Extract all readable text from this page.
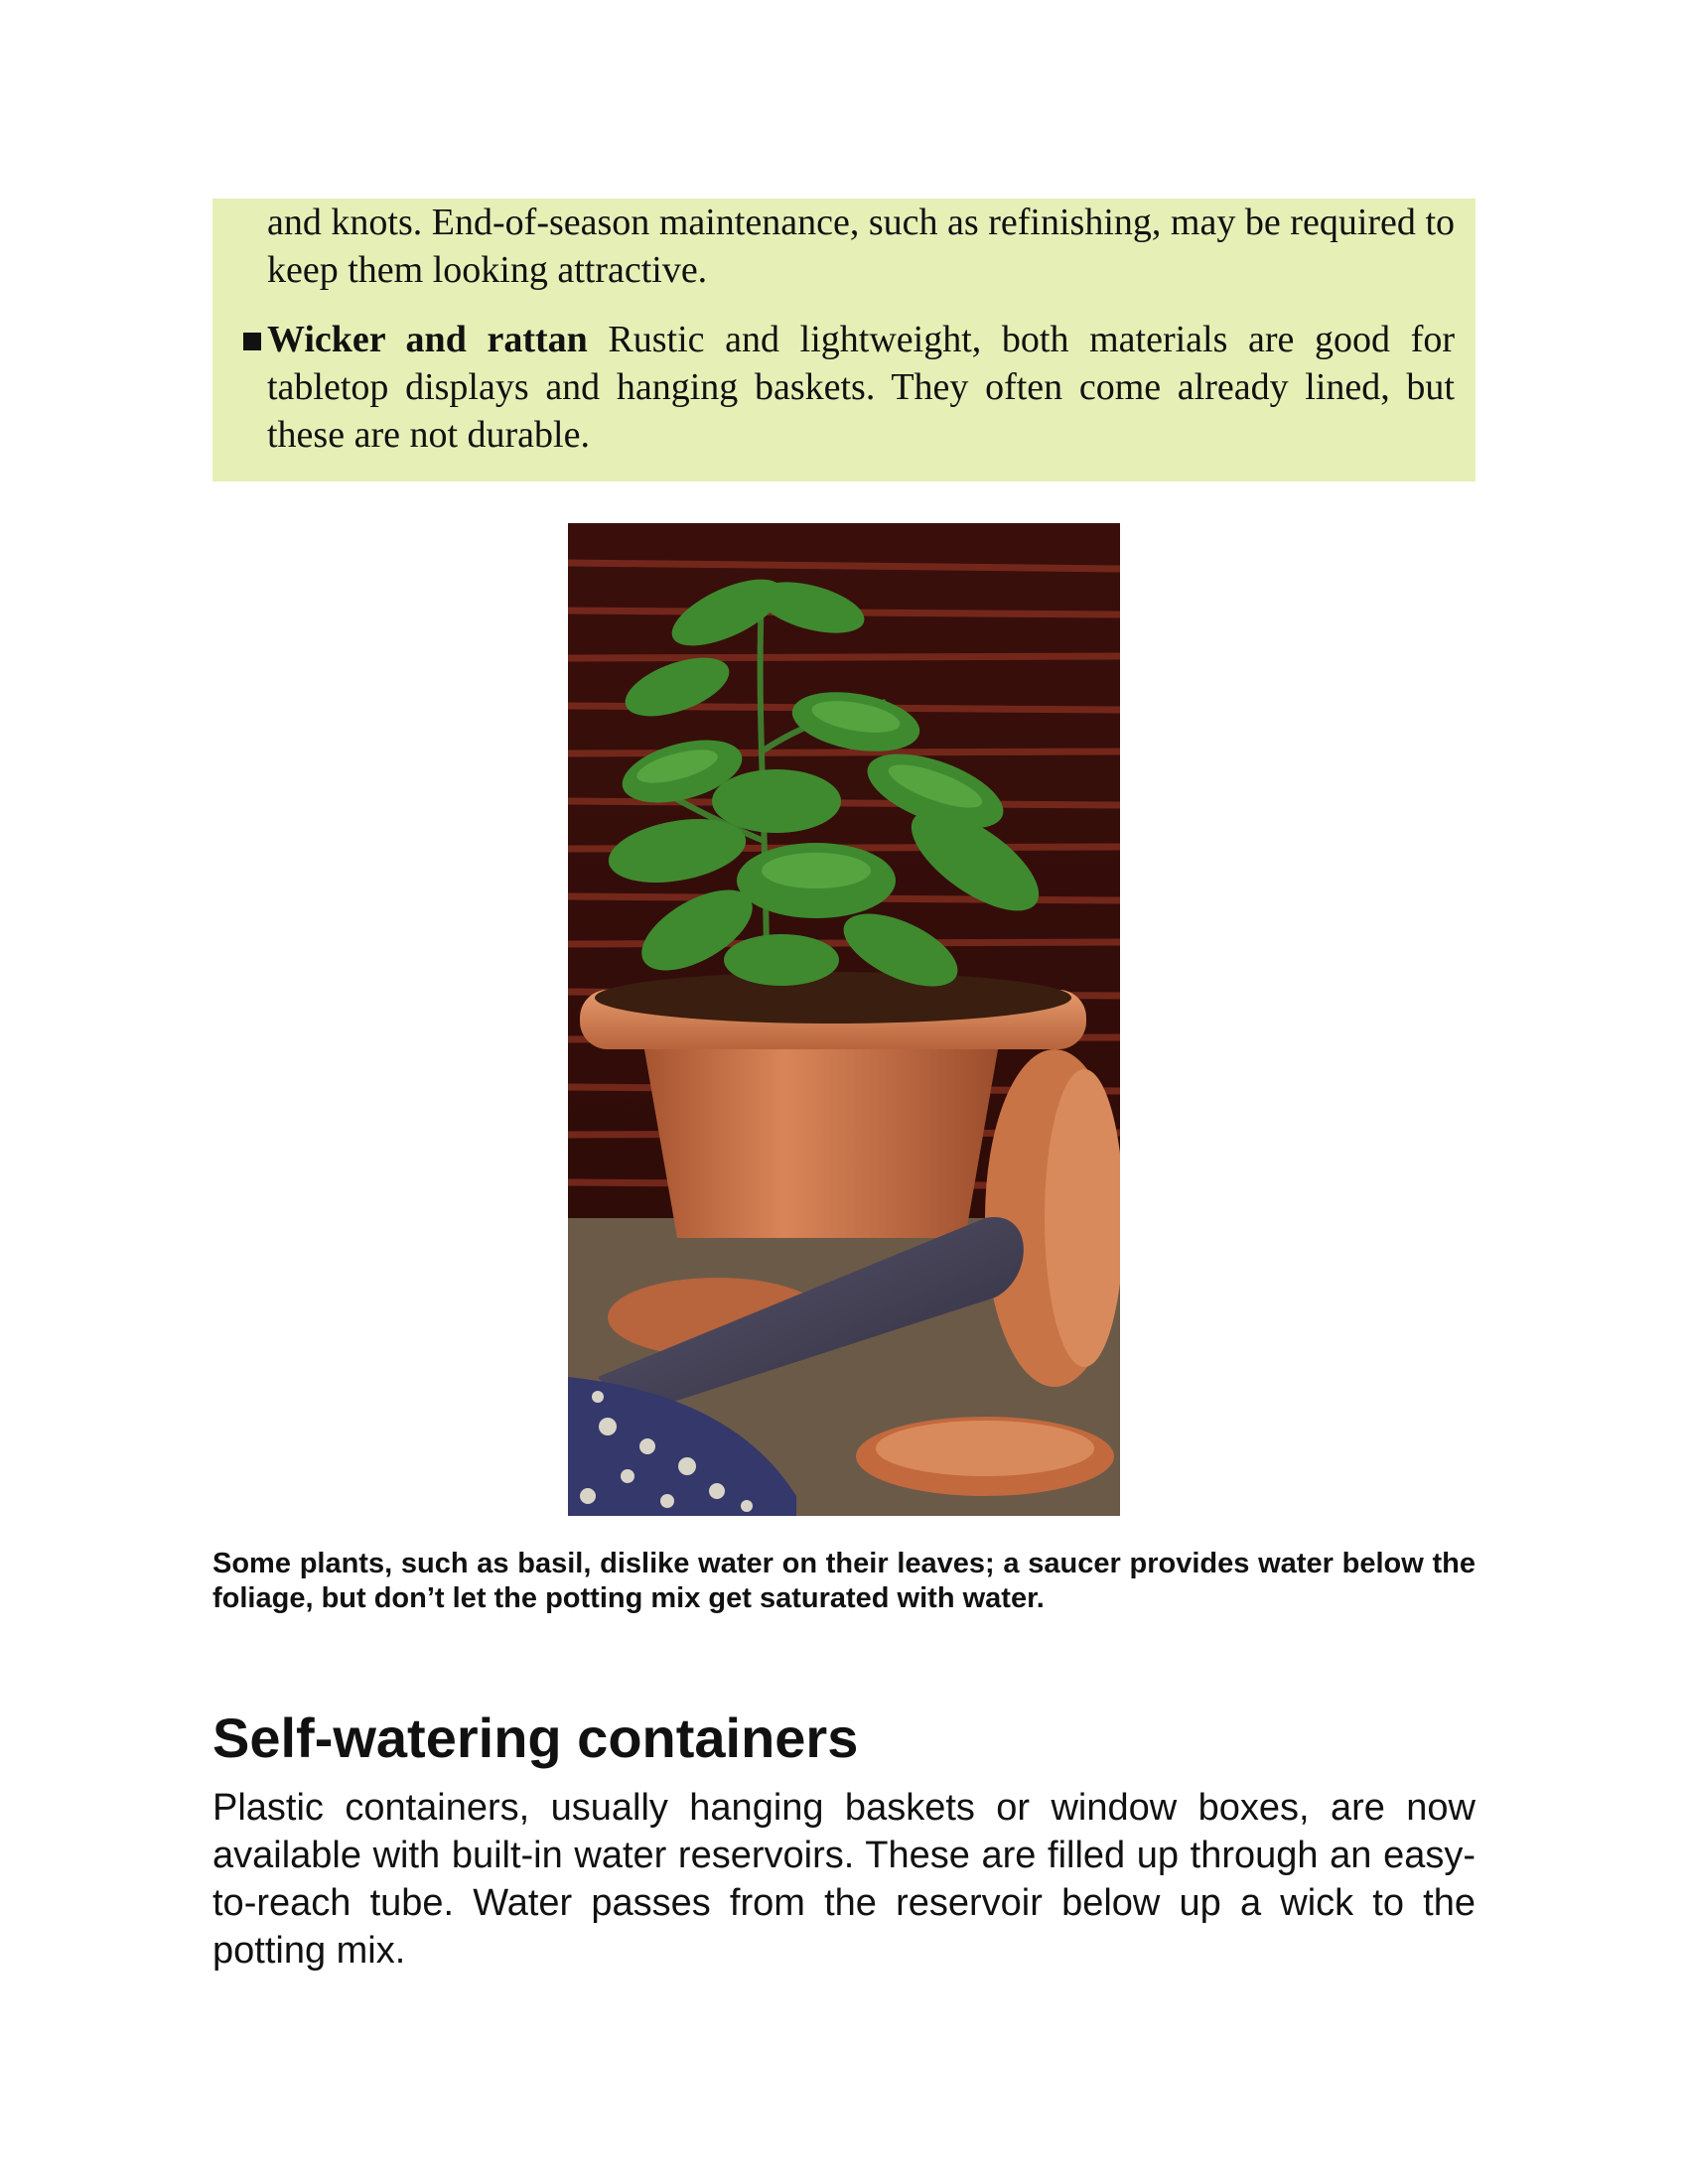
and knots. End-of-season maintenance, such as refinishing, may be required to keep them looking attractive.

Wicker and rattan Rustic and lightweight, both materials are good for tabletop displays and hanging baskets. They often come already lined, but these are not durable.

Some plants, such as basil, dislike water on their leaves; a saucer provides water below the foliage, but don’t let the potting mix get saturated with water.

Self-watering containers

Plastic containers, usually hanging baskets or window boxes, are now available with built-in water reservoirs. These are filled up through an easy-to-reach tube. Water passes from the reservoir below up a wick to the potting mix.
